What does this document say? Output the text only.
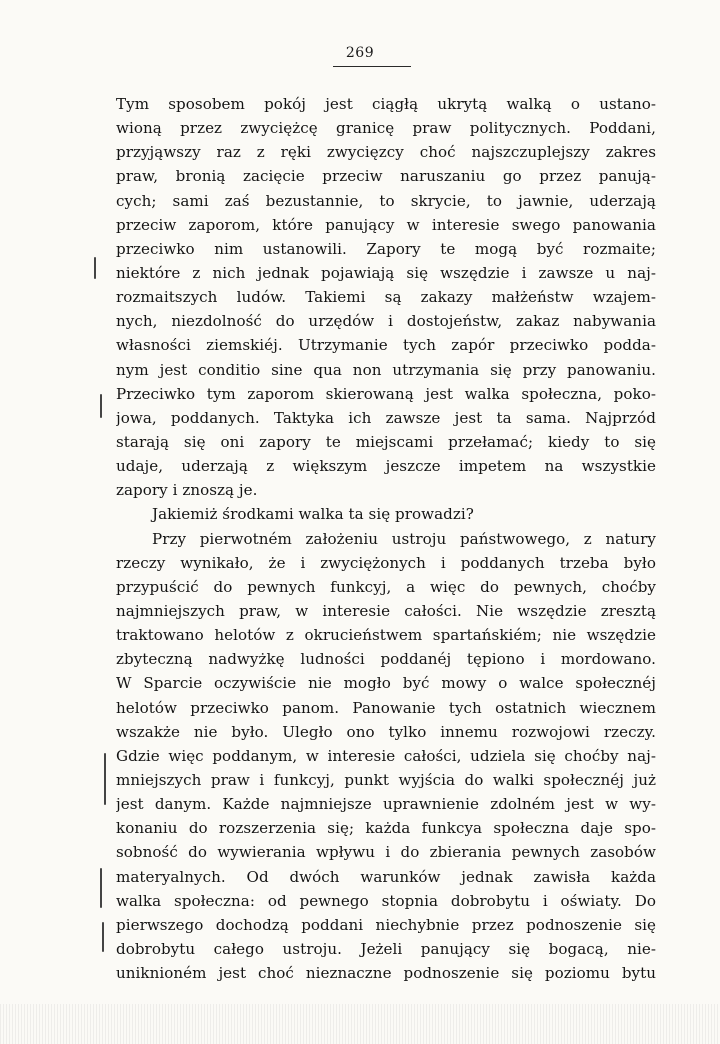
269
Tym sposobem pokój jest ciągłą ukrytą walką o ustano-
wioną przez zwyciężcę granicę praw politycznych. Poddani,
przyjąwszy raz z ręki zwycięzcy choć najszczuplejszy zakres
praw, bronią zacięcie przeciw naruszaniu go przez panują-
cych; sami zaś bezustannie, to skrycie, to jawnie, uderzają
przeciw zaporom, które panujący w interesie swego panowania
przeciwko nim ustanowili. Zapory te mogą być rozmaite;
niektóre z nich jednak pojawiają się wszędzie i zawsze u naj-
rozmaitszych ludów. Takiemi są zakazy małżeństw wzajem-
nych, niezdolność do urzędów i dostojeństw, zakaz nabywania
własności ziemskiéj. Utrzymanie tych zapór przeciwko podda-
nym jest conditio sine qua non utrzymania się przy panowaniu.
Przeciwko tym zaporom skierowaną jest walka społeczna, poko-
jowa, poddanych. Taktyka ich zawsze jest ta sama. Najprzód
starają się oni zapory te miejscami przełamać; kiedy to się
udaje, uderzają z większym jeszcze impetem na wszystkie
zapory i znoszą je.
Jakiemiż środkami walka ta się prowadzi?
Przy pierwotném założeniu ustroju państwowego, z natury
rzeczy wynikało, że i zwyciężonych i poddanych trzeba było
przypuścić do pewnych funkcyj, a więc do pewnych, choćby
najmniejszych praw, w interesie całości. Nie wszędzie zresztą
traktowano helotów z okrucieństwem spartańskiém; nie wszędzie
zbyteczną nadwyżkę ludności poddanéj tępiono i mordowano.
W Sparcie oczywiście nie mogło być mowy o walce społecznéj
helotów przeciwko panom. Panowanie tych ostatnich wiecznem
wszakże nie było. Uległo ono tylko innemu rozwojowi rzeczy.
Gdzie więc poddanym, w interesie całości, udziela się choćby naj-
mniejszych praw i funkcyj, punkt wyjścia do walki społecznéj już
jest danym. Każde najmniejsze uprawnienie zdolném jest w wy-
konaniu do rozszerzenia się; każda funkcya społeczna daje spo-
sobność do wywierania wpływu i do zbierania pewnych zasobów
materyalnych. Od dwóch warunków jednak zawisła każda
walka społeczna: od pewnego stopnia dobrobytu i oświaty. Do
pierwszego dochodzą poddani niechybnie przez podnoszenie się
dobrobytu całego ustroju. Jeżeli panujący się bogacą, nie-
uniknioném jest choć nieznaczne podnoszenie się poziomu bytu
